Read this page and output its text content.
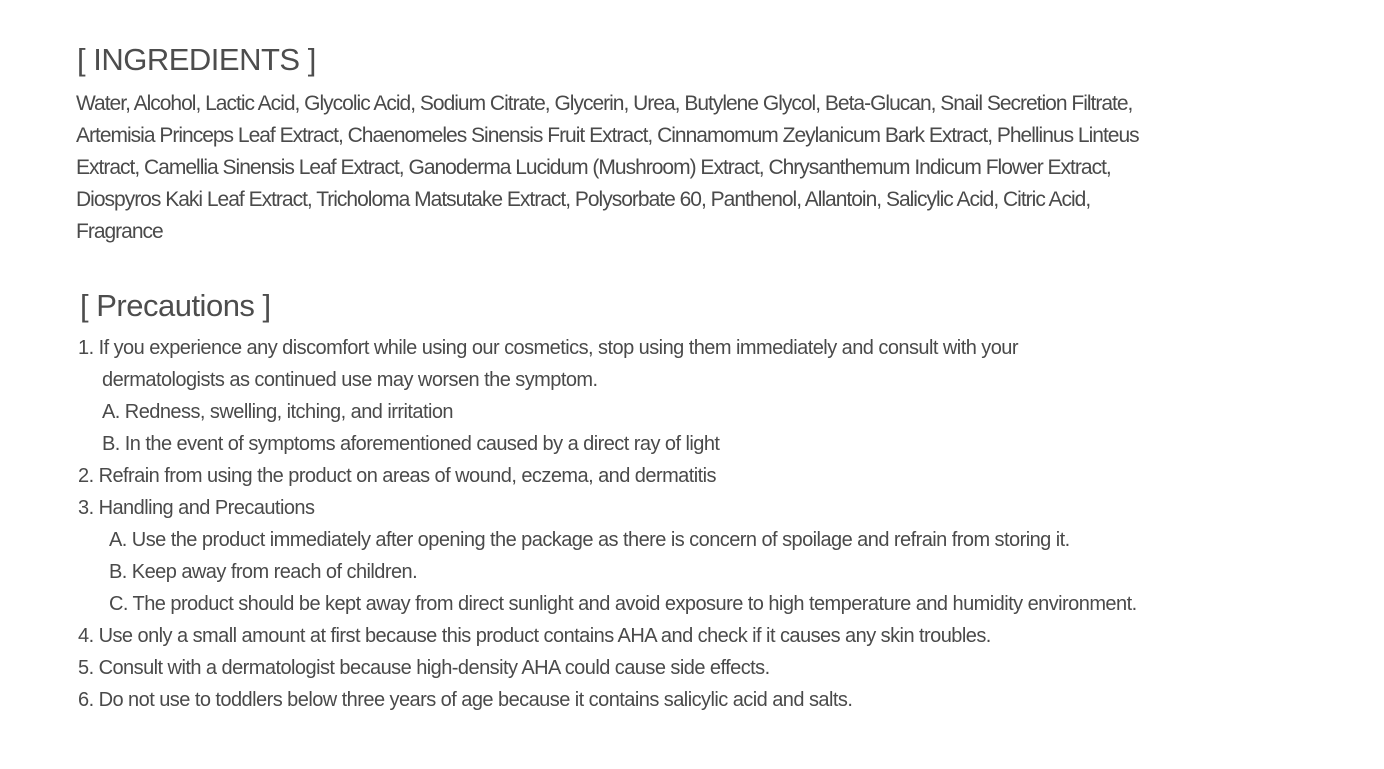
[ INGREDIENTS ]

Water, Alcohol, Lactic Acid, Glycolic Acid, Sodium Citrate, Glycerin, Urea, Butylene Glycol, Beta-Glucan, Snail Secretion Filtrate,
Artemisia Princeps Leaf Extract, Chaenomeles Sinensis Fruit Extract, Cinnamomum Zeylanicum Bark Extract, Phellinus Linteus
Extract, Camellia Sinensis Leaf Extract, Ganoderma Lucidum (Mushroom) Extract, Chrysanthemum Indicum Flower Extract,
Diospyros Kaki Leaf Extract, Tricholoma Matsutake Extract, Polysorbate 60, Panthenol, Allantoin, Salicylic Acid, Citric Acid,
Fragrance

[ Precautions ]
1. If you experience any discomfort while using our cosmetics, stop using them immediately and consult with your
dermatologists as continued use may worsen the symptom.
A. Redness, swelling, itching, and irritation
B. In the event of symptoms aforementioned caused by a direct ray of light
2. Refrain from using the product on areas of wound, eczema, and dermatitis
3. Handling and Precautions
A. Use the product immediately after opening the package as there is concern of spoilage and refrain from storing it.
B. Keep away from reach of children.
C. The product should be kept away from direct sunlight and avoid exposure to high temperature and humidity environment.
4. Use only a small amount at first because this product contains AHA and check if it causes any skin troubles.
5. Consult with a dermatologist because high-density AHA could cause side effects.
6. Do not use to toddlers below three years of age because it contains salicylic acid and salts.
